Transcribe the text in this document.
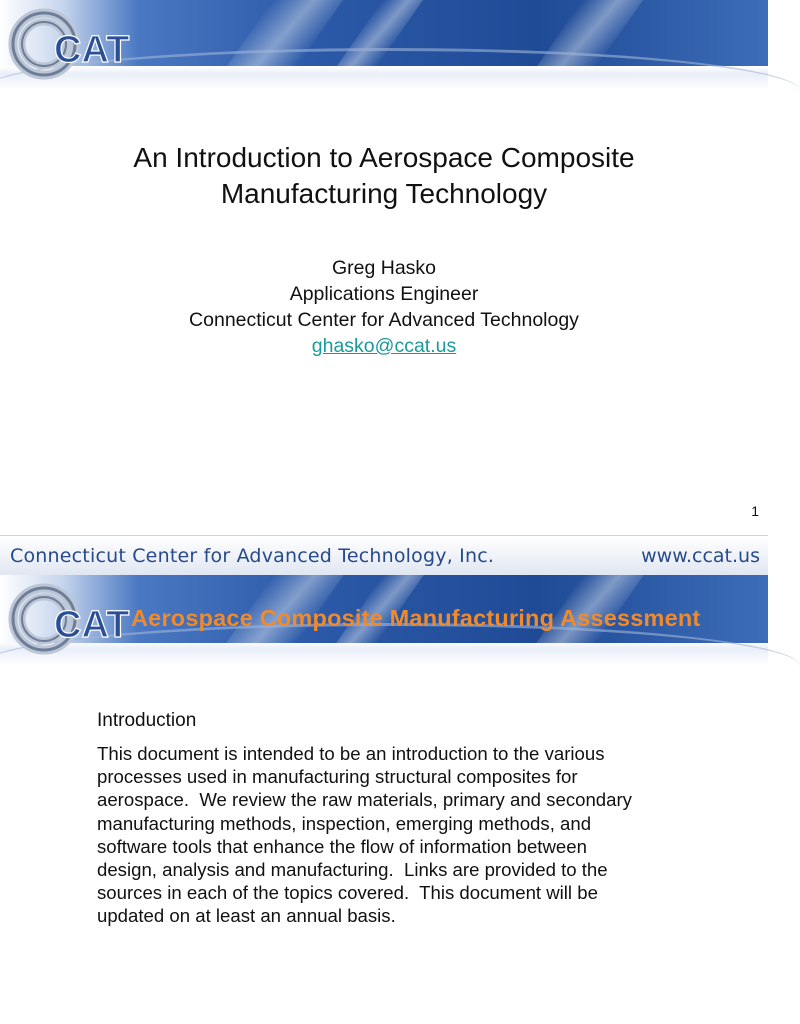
CAT
An Introduction to Aerospace Composite
Manufacturing Technology
Greg Hasko
Applications Engineer
Connecticut Center for Advanced Technology
ghasko@ccat.us
1
Connecticut Center for Advanced Technology, Inc.	www.ccat.us
CAT Aerospace Composite Manufacturing Assessment
Introduction
This document is intended to be an introduction to the various
processes used in manufacturing structural composites for
aerospace.  We review the raw materials, primary and secondary
manufacturing methods, inspection, emerging methods, and
software tools that enhance the flow of information between
design, analysis and manufacturing.  Links are provided to the
sources in each of the topics covered.  This document will be
updated on at least an annual basis.
